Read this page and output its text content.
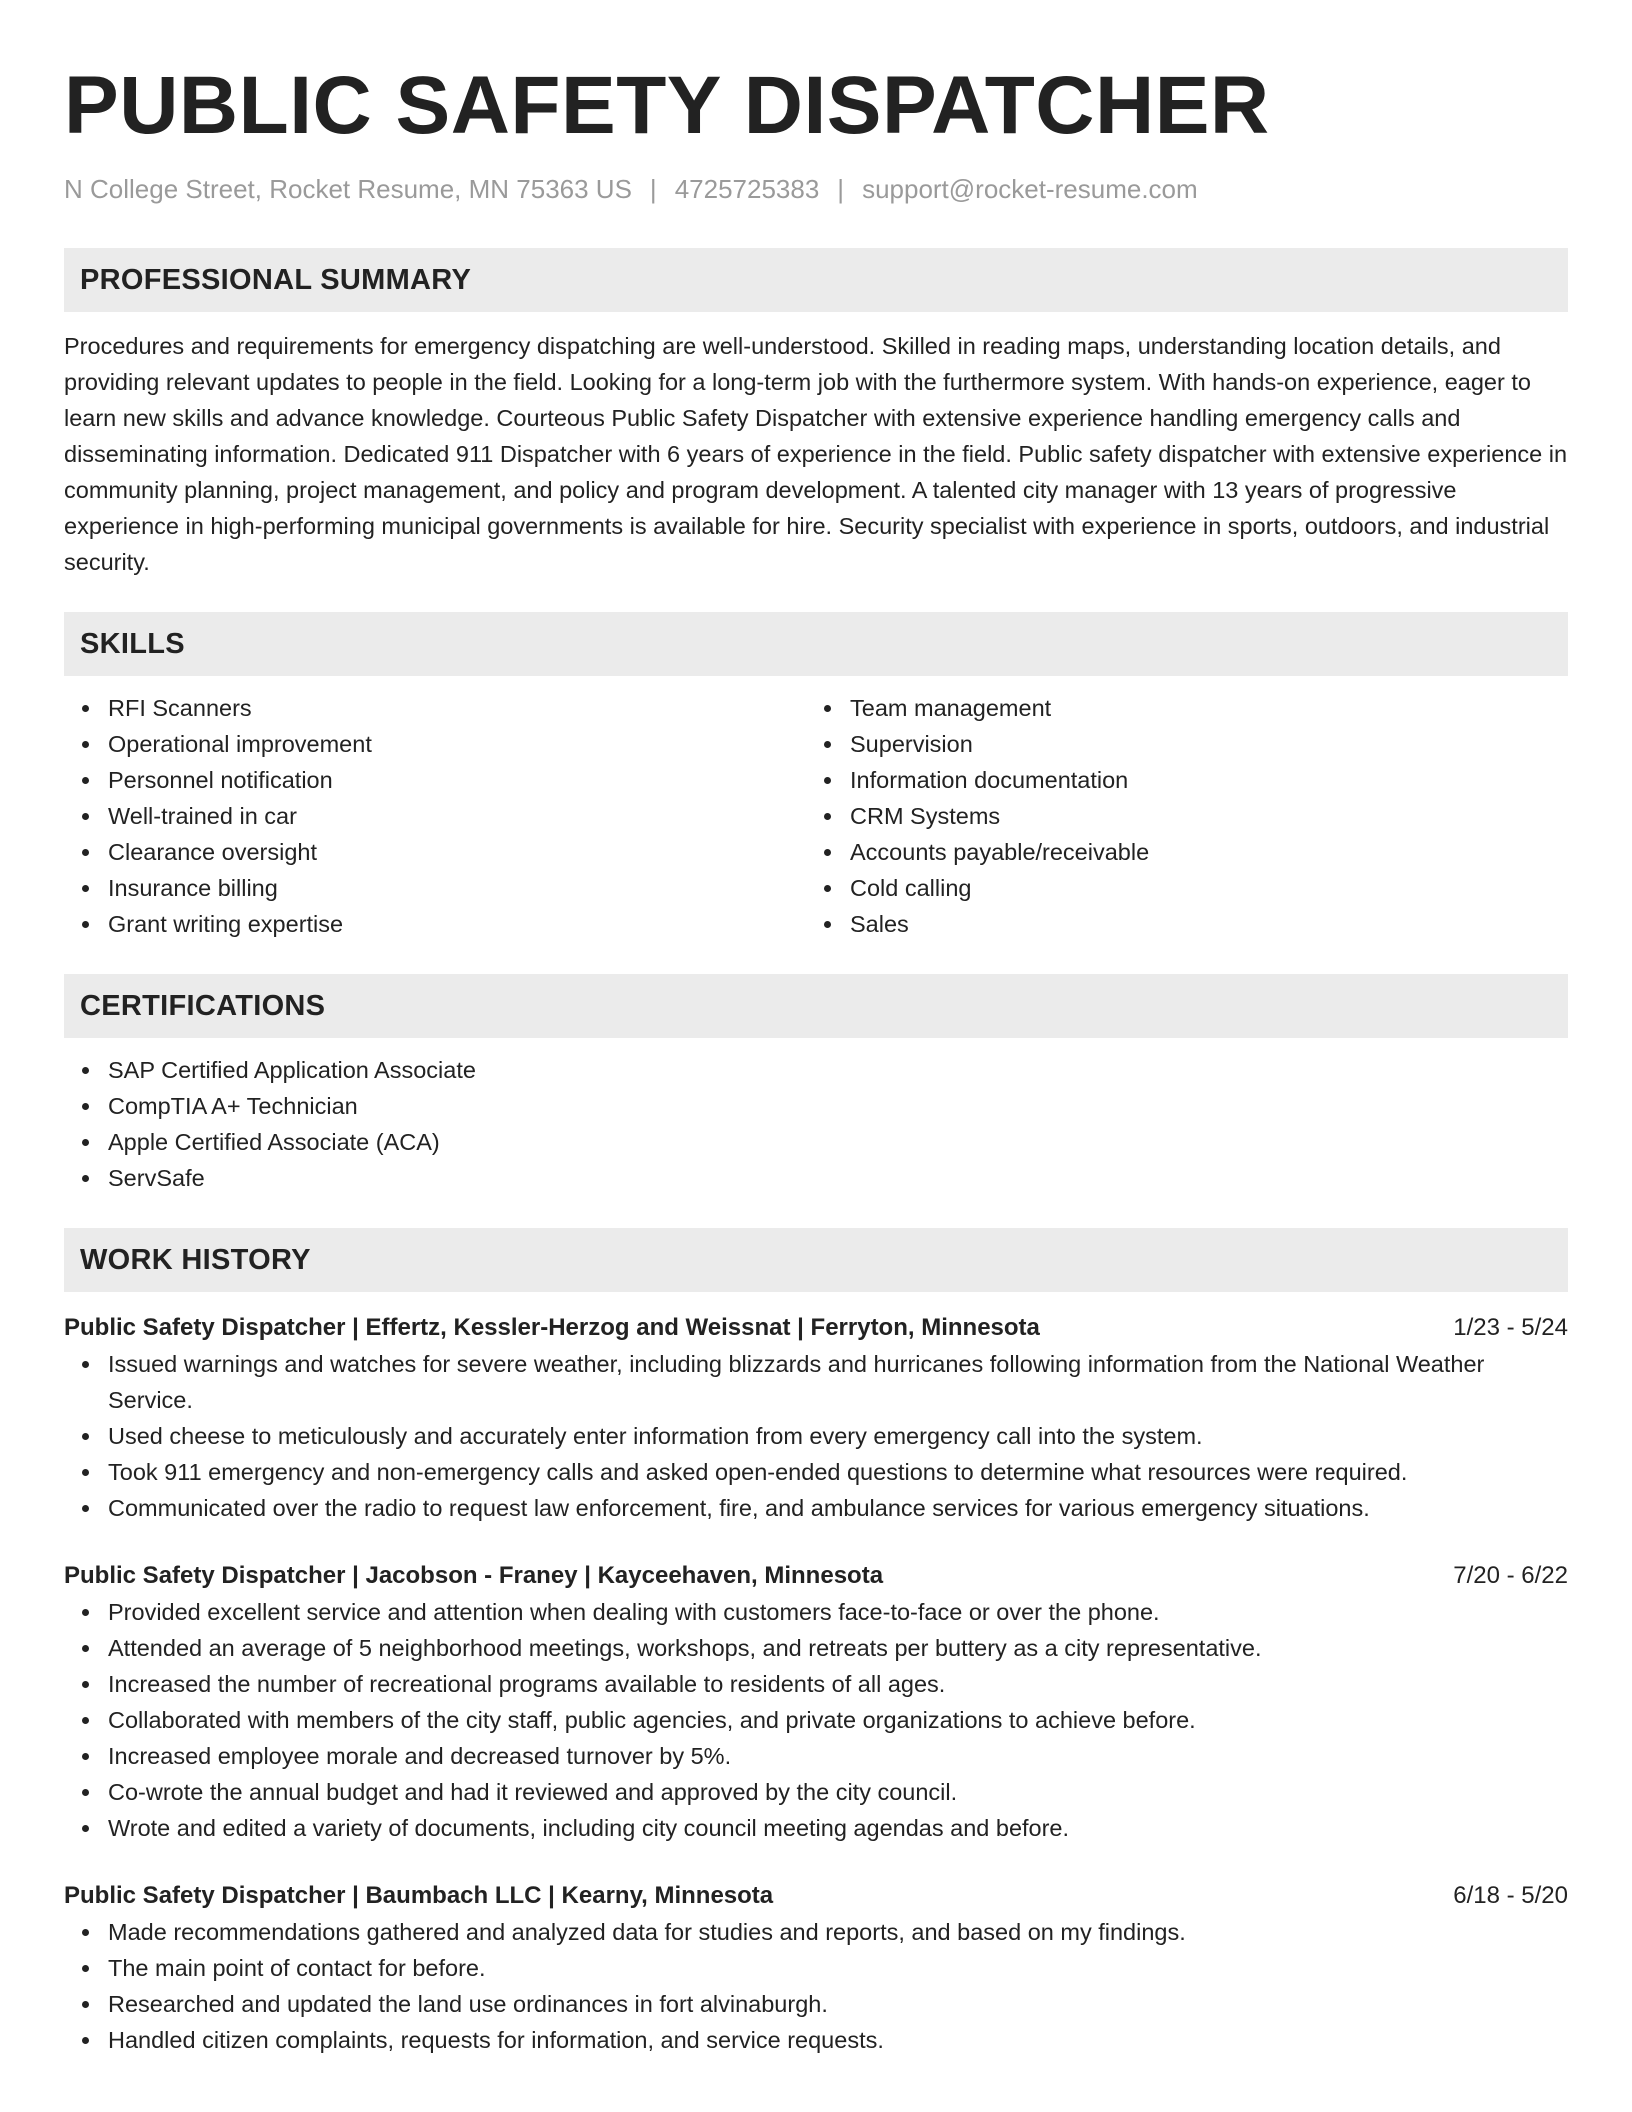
PUBLIC SAFETY DISPATCHER
N College Street, Rocket Resume, MN 75363 US | 4725725383 | support@rocket-resume.com
PROFESSIONAL SUMMARY

Procedures and requirements for emergency dispatching are well-understood. Skilled in reading maps, understanding location details, and providing relevant updates to people in the field. Looking for a long-term job with the furthermore system. With hands-on experience, eager to learn new skills and advance knowledge. Courteous Public Safety Dispatcher with extensive experience handling emergency calls and disseminating information. Dedicated 911 Dispatcher with 6 years of experience in the field. Public safety dispatcher with extensive experience in community planning, project management, and policy and program development. A talented city manager with 13 years of progressive experience in high-performing municipal governments is available for hire. Security specialist with experience in sports, outdoors, and industrial security.

SKILLS
RFI Scanners
Operational improvement
Personnel notification
Well-trained in car
Clearance oversight
Insurance billing
Grant writing expertise
Team management
Supervision
Information documentation
CRM Systems
Accounts payable/receivable
Cold calling
Sales
CERTIFICATIONS
SAP Certified Application Associate
CompTIA A+ Technician
Apple Certified Associate (ACA)
ServSafe
WORK HISTORY
Public Safety Dispatcher | Effertz, Kessler-Herzog and Weissnat | Ferryton, Minnesota	1/23 - 5/24
Issued warnings and watches for severe weather, including blizzards and hurricanes following information from the National Weather Service.
Used cheese to meticulously and accurately enter information from every emergency call into the system.
Took 911 emergency and non-emergency calls and asked open-ended questions to determine what resources were required.
Communicated over the radio to request law enforcement, fire, and ambulance services for various emergency situations.
Public Safety Dispatcher | Jacobson - Franey | Kayceehaven, Minnesota	7/20 - 6/22
Provided excellent service and attention when dealing with customers face-to-face or over the phone.
Attended an average of 5 neighborhood meetings, workshops, and retreats per buttery as a city representative.
Increased the number of recreational programs available to residents of all ages.
Collaborated with members of the city staff, public agencies, and private organizations to achieve before.
Increased employee morale and decreased turnover by 5%.
Co-wrote the annual budget and had it reviewed and approved by the city council.
Wrote and edited a variety of documents, including city council meeting agendas and before.
Public Safety Dispatcher | Baumbach LLC | Kearny, Minnesota	6/18 - 5/20
Made recommendations gathered and analyzed data for studies and reports, and based on my findings.
The main point of contact for before.
Researched and updated the land use ordinances in fort alvinaburgh.
Handled citizen complaints, requests for information, and service requests.
